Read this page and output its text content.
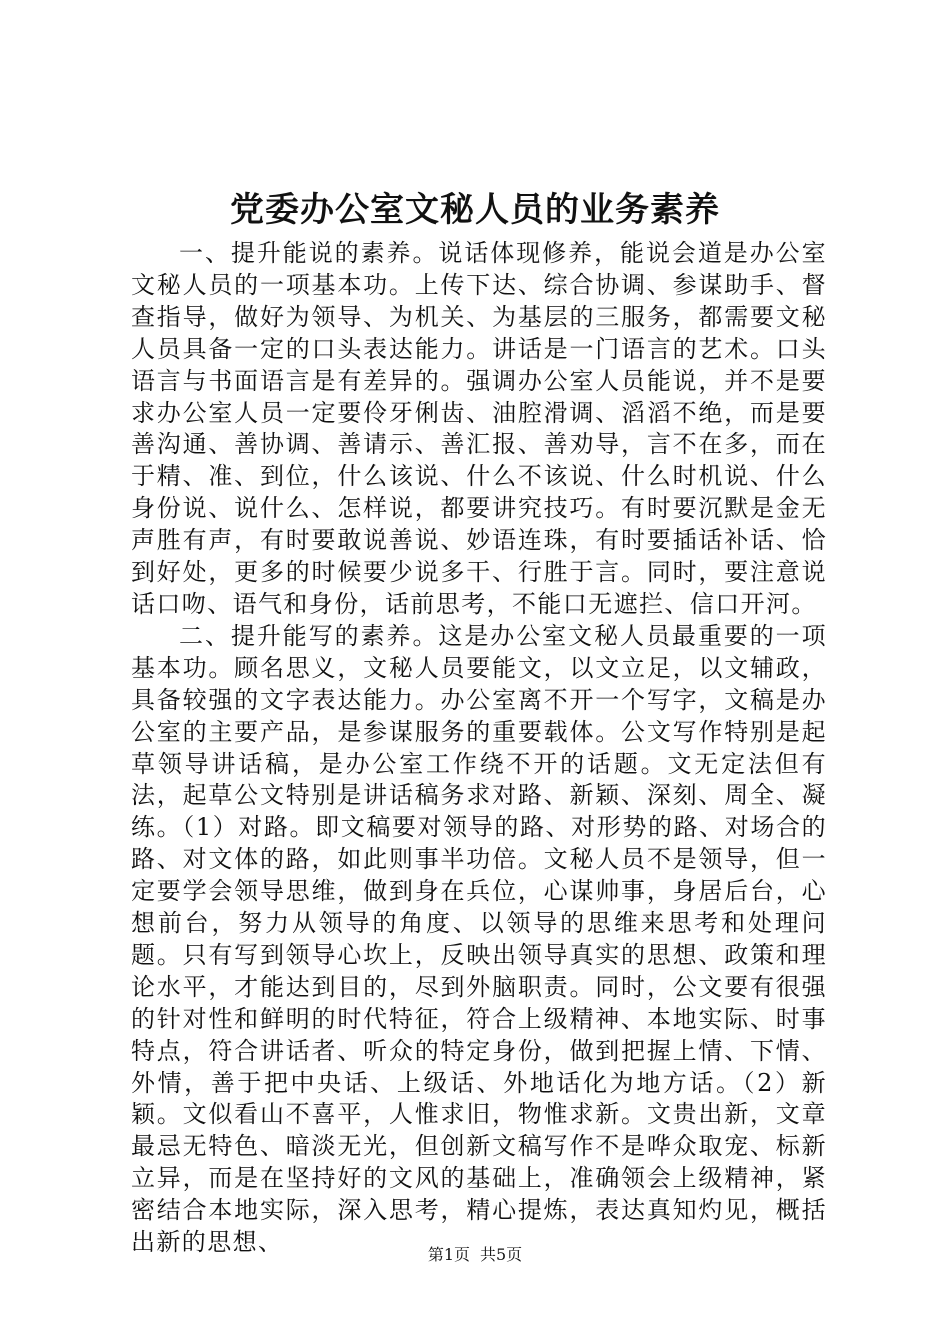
党委办公室文秘人员的业务素养

一、提升能说的素养。说话体现修养，能说会道是办公室文秘人员的一项基本功。上传下达、综合协调、参谋助手、督查指导，做好为领导、为机关、为基层的三服务，都需要文秘人员具备一定的口头表达能力。讲话是一门语言的艺术。口头语言与书面语言是有差异的。强调办公室人员能说，并不是要求办公室人员一定要伶牙俐齿、油腔滑调、滔滔不绝，而是要善沟通、善协调、善请示、善汇报、善劝导，言不在多，而在于精、准、到位，什么该说、什么不该说、什么时机说、什么身份说、说什么、怎样说，都要讲究技巧。有时要沉默是金无声胜有声，有时要敢说善说、妙语连珠，有时要插话补话、恰到好处，更多的时候要少说多干、行胜于言。同时，要注意说话口吻、语气和身份，话前思考，不能口无遮拦、信口开河。

二、提升能写的素养。这是办公室文秘人员最重要的一项基本功。顾名思义，文秘人员要能文，以文立足，以文辅政，具备较强的文字表达能力。办公室离不开一个写字，文稿是办公室的主要产品，是参谋服务的重要载体。公文写作特别是起草领导讲话稿，是办公室工作绕不开的话题。文无定法但有法，起草公文特别是讲话稿务求对路、新颖、深刻、周全、凝练。（1）对路。即文稿要对领导的路、对形势的路、对场合的路、对文体的路，如此则事半功倍。文秘人员不是领导，但一定要学会领导思维，做到身在兵位，心谋帅事，身居后台，心想前台，努力从领导的角度、以领导的思维来思考和处理问题。只有写到领导心坎上，反映出领导真实的思想、政策和理论水平，才能达到目的，尽到外脑职责。同时，公文要有很强的针对性和鲜明的时代特征，符合上级精神、本地实际、时事特点，符合讲话者、听众的特定身份，做到把握上情、下情、外情，善于把中央话、上级话、外地话化为地方话。（2）新颖。文似看山不喜平，人惟求旧，物惟求新。文贵出新，文章最忌无特色、暗淡无光，但创新文稿写作不是哗众取宠、标新立异，而是在坚持好的文风的基础上，准确领会上级精神，紧密结合本地实际，深入思考，精心提炼，表达真知灼见，概括出新的思想、	第1页 共5页
